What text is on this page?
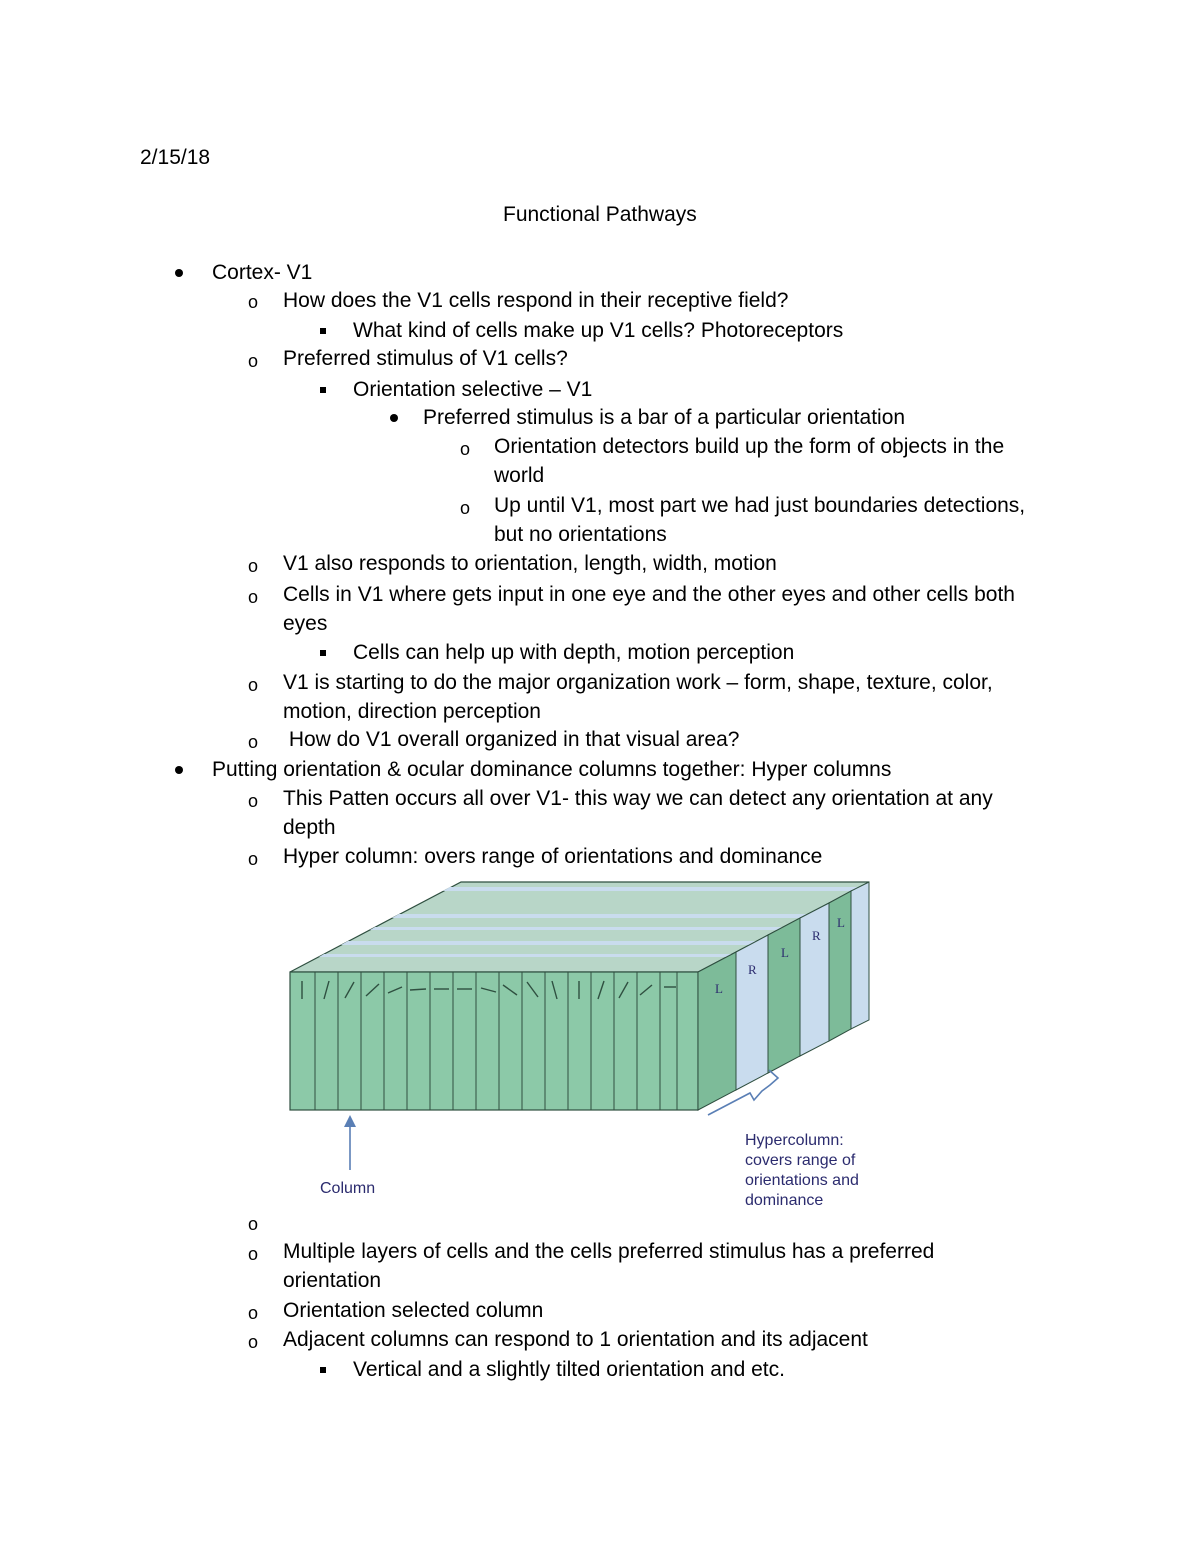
2/15/18
Functional Pathways
Cortex- V1
o How does the V1 cells respond in their receptive field?
What kind of cells make up V1 cells? Photoreceptors
o Preferred stimulus of V1 cells?
Orientation selective – V1
Preferred stimulus is a bar of a particular orientation
o Orientation detectors build up the form of objects in the
world
o Up until V1, most part we had just boundaries detections,
but no orientations
o V1 also responds to orientation, length, width, motion
o Cells in V1 where gets input in one eye and the other eyes and other cells both
eyes
Cells can help up with depth, motion perception
o V1 is starting to do the major organization work – form, shape, texture, color,
motion, direction perception
o How do V1 overall organized in that visual area?
Putting orientation & ocular dominance columns together: Hyper columns
o This Patten occurs all over V1- this way we can detect any orientation at any
depth
o Hyper column: overs range of orientations and dominance
L
R
L
R
L
Column
Hypercolumn:
covers range of
orientations and
dominance
o
o Multiple layers of cells and the cells preferred stimulus has a preferred
orientation
o Orientation selected column
o Adjacent columns can respond to 1 orientation and its adjacent
Vertical and a slightly tilted orientation and etc.
